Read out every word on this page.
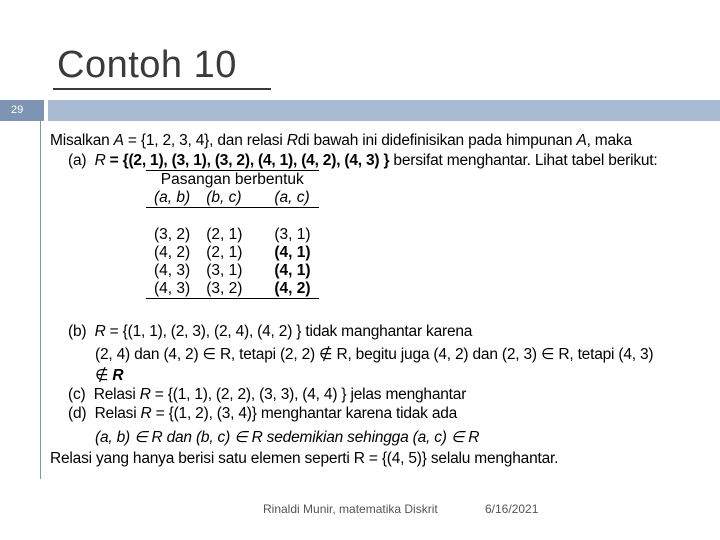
Contoh 10
29
Misalkan A = {1, 2, 3, 4}, dan relasi Rdi bawah ini didefinisikan pada himpunan A, maka
(a) R = {(2, 1), (3, 1), (3, 2), (4, 1), (4, 2), (4, 3) } bersifat menghantar. Lihat tabel berikut:
Pasangan berbentuk		
(a, b)	(b, c)	(a, c)

(3, 2)	(2, 1)	(3, 1)
(4, 2)	(2, 1)	(4, 1)
(4, 3)	(3, 1)	(4, 1)
(4, 3)	(3, 2)	(4, 2)
(b) R = {(1, 1), (2, 3), (2, 4), (4, 2) } tidak manghantar karena
(2, 4) dan (4, 2) ∈ R, tetapi (2, 2) ∉ R, begitu juga (4, 2) dan (2, 3) ∈ R, tetapi (4, 3)
∉ R
(c) Relasi R = {(1, 1), (2, 2), (3, 3), (4, 4) } jelas menghantar
(d) Relasi R = {(1, 2), (3, 4)} menghantar karena tidak ada
(a, b) ∈ R dan (b, c) ∈ R sedemikian sehingga (a, c) ∈ R
Relasi yang hanya berisi satu elemen seperti R = {(4, 5)} selalu menghantar.
Rinaldi Munir, matematika Diskrit	6/16/2021
